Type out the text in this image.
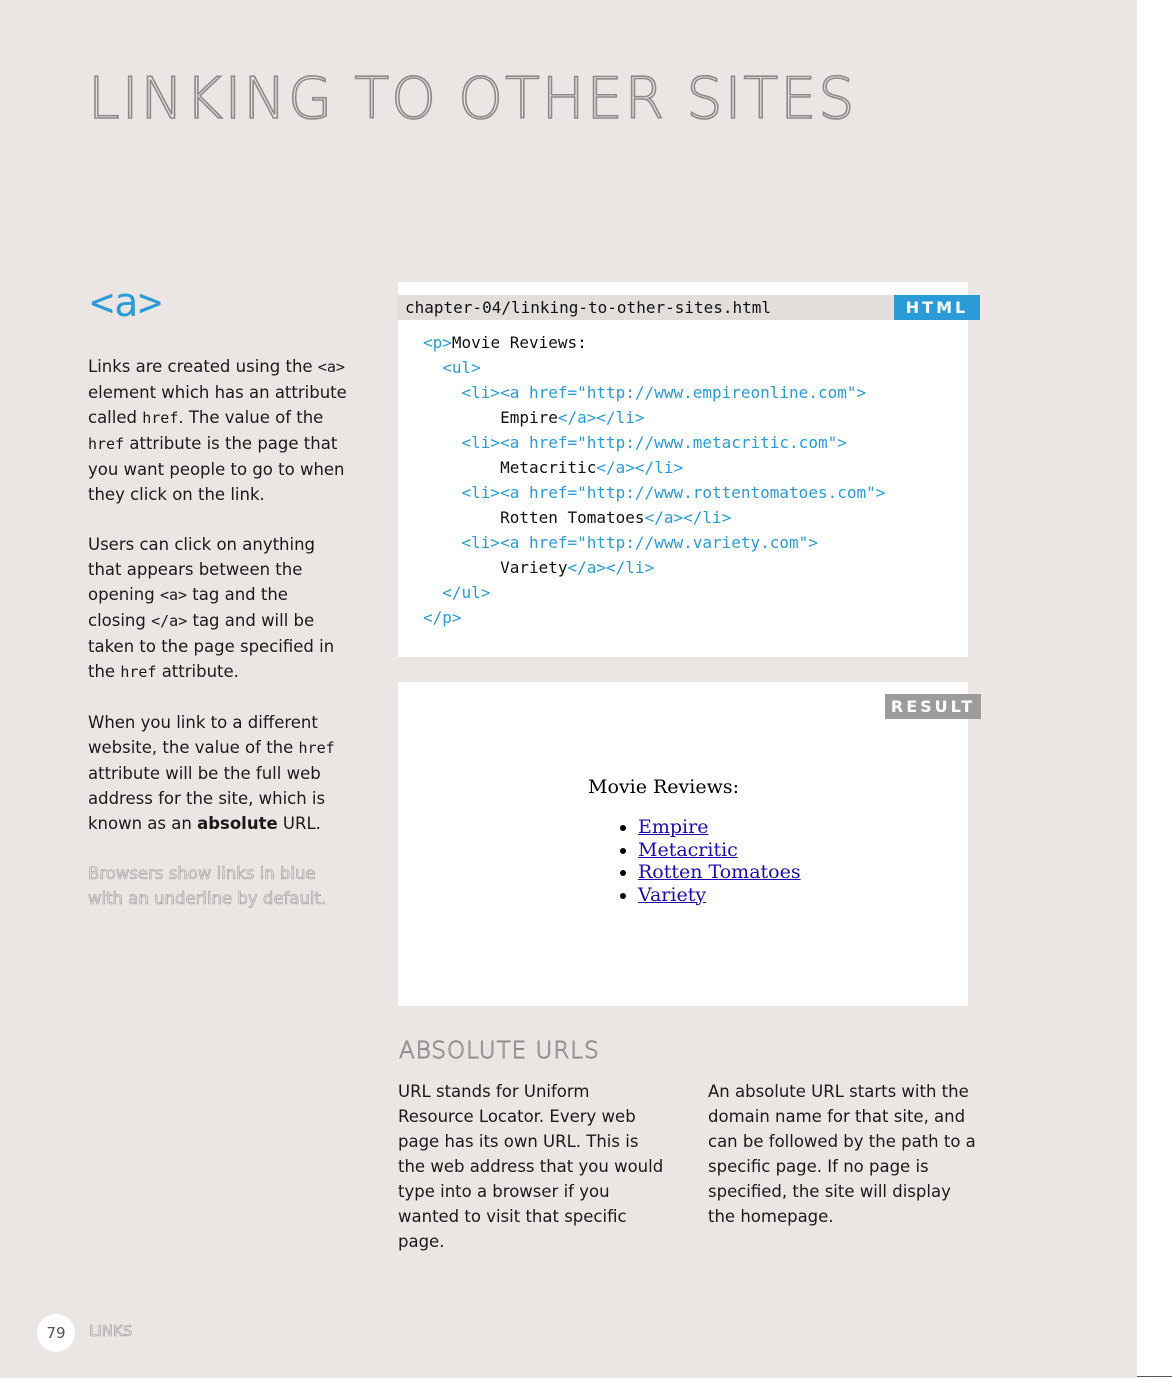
LINKING TO OTHER SITES
<a>

Links are created using the <a> element which has an attribute called href. The value of the href attribute is the page that you want people to go to when they click on the link.

Users can click on anything that appears between the opening <a> tag and the closing </a> tag and will be taken to the page specified in the href attribute.

When you link to a different website, the value of the href attribute will be the full web address for the site, which is known as an absolute URL.

Browsers show links in blue with an underline by default.

chapter-04/linking-to-other-sites.html	HTML
<p>Movie Reviews:
<ul>
<li><a href="http://www.empireonline.com">
Empire</a></li>
<li><a href="http://www.metacritic.com">
Metacritic</a></li>
<li><a href="http://www.rottentomatoes.com">
Rotten Tomatoes</a></li>
<li><a href="http://www.variety.com">
Variety</a></li>
</ul>
</p>
RESULT
Movie Reviews:
• Empire
• Metacritic
• Rotten Tomatoes
• Variety
ABSOLUTE URLS

URL stands for Uniform Resource Locator. Every web page has its own URL. This is the web address that you would type into a browser if you wanted to visit that specific page.

An absolute URL starts with the domain name for that site, and can be followed by the path to a specific page. If no page is specified, the site will display the homepage.

79	LINKS
